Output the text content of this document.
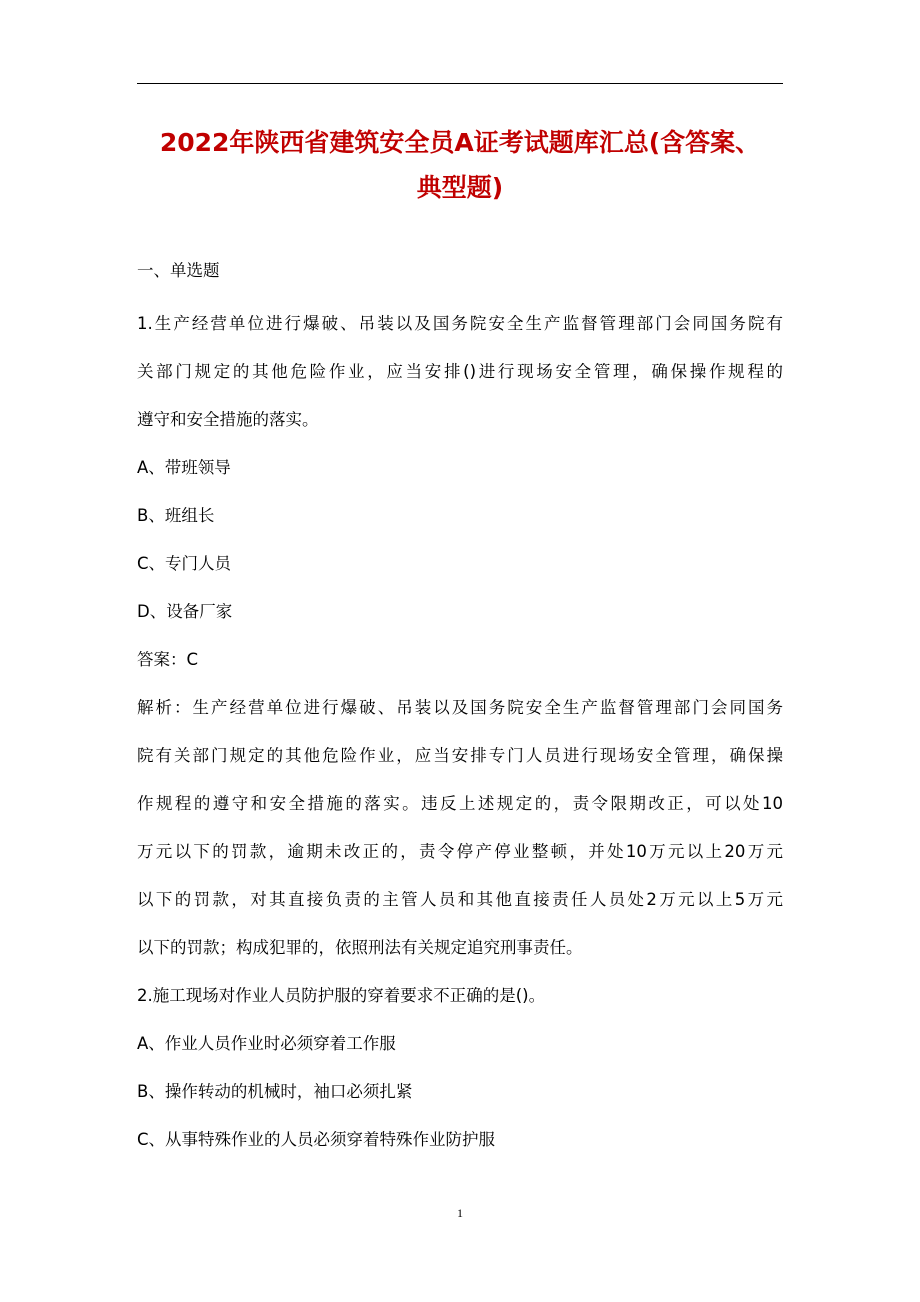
2022年陕西省建筑安全员A证考试题库汇总(含答案、
典型题)
一、单选题
1.生产经营单位进行爆破、吊装以及国务院安全生产监督管理部门会同国务院有
关部门规定的其他危险作业，应当安排()进行现场安全管理，确保操作规程的
遵守和安全措施的落实。
A、带班领导
B、班组长
C、专门人员
D、设备厂家
答案：C
解析：生产经营单位进行爆破、吊装以及国务院安全生产监督管理部门会同国务
院有关部门规定的其他危险作业，应当安排专门人员进行现场安全管理，确保操
作规程的遵守和安全措施的落实。违反上述规定的，责令限期改正，可以处10
万元以下的罚款，逾期未改正的，责令停产停业整顿，并处10万元以上20万元
以下的罚款，对其直接负责的主管人员和其他直接责任人员处2万元以上5万元
以下的罚款；构成犯罪的，依照刑法有关规定追究刑事责任。
2.施工现场对作业人员防护服的穿着要求不正确的是()。
A、作业人员作业时必须穿着工作服
B、操作转动的机械时，袖口必须扎紧
C、从事特殊作业的人员必须穿着特殊作业防护服
1
